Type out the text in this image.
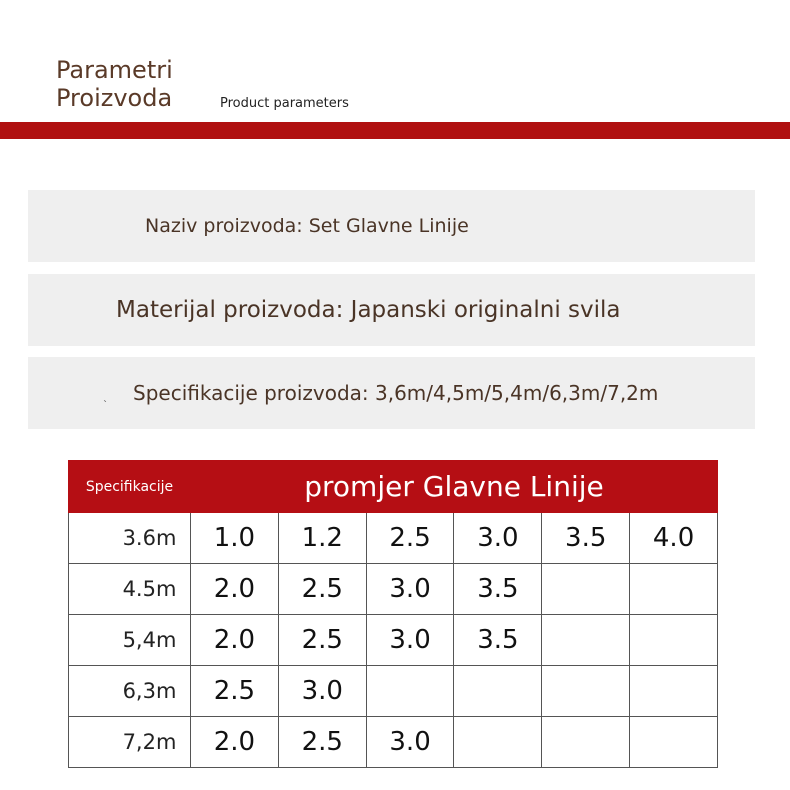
Parametri
Proizvoda	Product parameters
Naziv proizvoda: Set Glavne Linije
Materijal proizvoda: Japanski originalni svila
Specifikacije proizvoda: 3,6m/4,5m/5,4m/6,3m/7,2m
`
Specifikacije	promjer Glavne Linije					
3.6m	1.0	1.2	2.5	3.0	3.5	4.0
4.5m	2.0	2.5	3.0	3.5		
5,4m	2.0	2.5	3.0	3.5		
6,3m	2.5	3.0				
7,2m	2.0	2.5	3.0			
